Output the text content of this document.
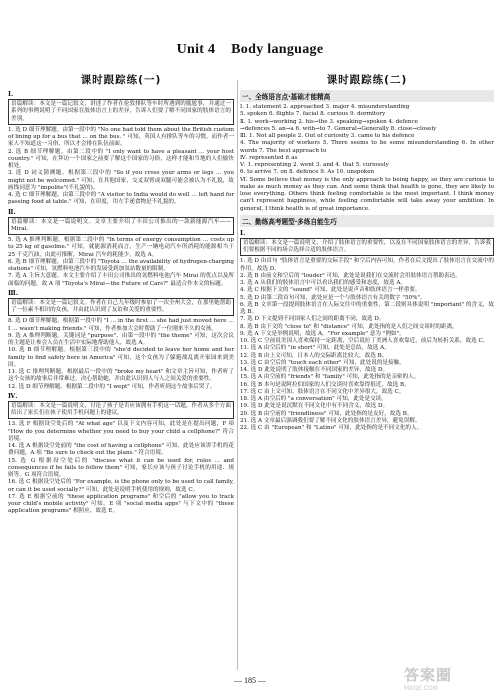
Unit 4 Body language
课时跟踪练(一)
Ⅰ.
语篇解读：本文是一篇记叙文，讲述了作者在伦敦排队等车时所遇到的尴尬事，并通过一系列的事例说明了不同国家在肢体语言上的差异，告诉人们要了解不同国家的肢体语言的差别。
1. 选 D 细节理解题。由第一段中的 "No one had told them about the British custom of lining up for a bus that … on the bus. " 可知，英国人有排队等车的习惯，而作者一家人不知道这一习俗，所以才会排在队伍前面。
2. 选 B 细节理解题。由第二段中的 "I only want to have a pleasant … your host country." 可知，在拜访一个国家之前要了解这个国家的习俗，这样才能和当地的人们愉快相处。
3. 选 D 词义猜测题。根据第三段中的 "So if you cross your arms or legs … you might not be welcomed." 可知，在其他国家，交叉双臂或双腿可能会被认为不礼貌，故画线词意为 "impolite"(不礼貌的)。
4. 选 C 细节理解题。由第三段中的 "A visitor to India would do well … left hand for passing food at table." 可知，在印度，用左手递食物是不礼貌的。
Ⅱ.
语篇解读：本文是一篇说明文。文章主要介绍了丰田公司推出的一款新能源汽车——Mirai。
5. 选 A 推理判断题。根据第二段中的 "In terms of energy consumption … costs up to 25 kg of gasoline." 可知，就能源消耗而言，生产一辆电动汽车所消耗的能源相当于 25 千克汽油，由此可推断，Mirai 汽车的耗能少，故选 A。
6. 选 B 细节理解题。由第三段中的 "Toyota … the availability of hydrogen-charging stations" 可知，氢燃料电池汽车的发展受到加氢站数量的限制。
7. 选 A 主旨大意题。本文主要介绍了丰田公司推出的氢燃料电池汽车 Mirai 的优点以及所面临的问题，故 A 项 "Toyota's Mirai—the Future of Cars?" 最适合作本文的标题。
Ⅲ.
语篇解读：本文是一篇记叙文。作者在自己九年级时参加了一次全州大会，在那里她帮助了一位素不相识的女孩，并由此认识到了友谊和关爱的重要性。
8. 选 D 细节理解题。根据第一段中的 "I … in the first … she had just moved here … I … wasn't making friends." 可知，作者参加大会时帮助了一位刚来不久的女孩。
9. 选 A 推理判断题。关键词是 "purpose"，由第一段中的 "the theme" 可知，这次会议的主题是让参会人员在生活中实际地帮助他人，故选 A。
10. 选 B 细节理解题。根据第三段中的 "she'd decided to leave her home and her family to find safety here in America" 可知，这个女孩为了躲避战乱离开家园来到美国。
11. 选 C 推理判断题。根据最后一段中的 "broke my heart" 和文章主旨可知，作者听了这个女孩的故事后非常难过，决心帮助她，并由此认识到人与人之间关爱的重要性。
12. 选 D 细节理解题。根据第二段中的 "I wept" 可知，作者听到这个故事后哭了。
Ⅳ.
语篇解读：本文是一篇说明文，讨论了孩子是否应该拥有手机这一话题，作者从多个方面给出了家长们在孩子使用手机问题上的建议。
13. 选 F 根据设空处后的 "At what age" 以及下文内容可知，此处是在提出问题，F 项 "How do you determine whether you need to buy your child a cellphone?" 符合语境。
14. 选 A 根据设空处前的 "the cost of having a cellphone" 可知，此处应该讲手机的花费问题，A 项 "Be sure to check out the plans." 符合语境。
15. 选 G 根据设空处后的 "discuss what it can be used for, rules … and consequences if he fails to follow them" 可知，家长应该与孩子讨论手机的用途、规则等，G 项符合语境。
16. 选 C 根据设空处后的 "For example, is the phone only to be used to call family, or can it be used socially?" 可知，此处是说明手机使用的规则，故选 C。
17. 选 E 根据空前的 "these application programs" 和空后的 "allow you to track your child's mobile activity" 可知，E 项 "social media apps" 与下文中的 "these application programs" 相照应，故选 E。
课时跟踪练(二)
一、全练语言点·基础才能精高
Ⅰ. 1. statement 2. approached 3. major 4. misunderstanding
5. spoken 6. flights 7. facial 8. curious 9. dormitory
Ⅱ. 1. work→working 2. his→the 3. speaking→spoken 4. defence
→defences 5. an→a 6. with→to 7. General→Generally 8. close→closely
Ⅲ. 1. Not all people 2. Out of curiosity 3. came to his defence
4. The majority of workers 5. There seems to be some misunderstanding 6. In other words 7. The best approach to
Ⅳ. represented it as
Ⅴ. 1. representing 2. went 3. and 4. that 5. curiously
6. to arrive 7. on 8. defence 9. As 10. unspoken
Ⅵ. Some believe that money is the only approach to being happy, so they are curious to make as much money as they can. And some think that health is gone, they are likely to lose everything. Others think feeling comfortable is the most important. I think money can't represent happiness, while feeling comfortable will take away your ambition. In general, I think health is of great importance.
二、勤练高考题型·多练自能生巧
Ⅰ.
语篇解读：本文是一篇说明文，介绍了肢体语言的重要性，以及在不同国家肢体语言的差异，告诉我们要根据不同的场合选择合适的肢体语言。
1. 选 D 由首句 "肢体语言是重要的交际手段" 和空后内容可知，作者在后文提出了肢体语言在交流中的作用，故选 D。
2. 选 B 由前文和空后的 "louder" 可知，此处是说我们在交流时会用肢体语言帮助表达。
3. 选 A 从我们的肢体语言中可以看出我们的感受和态度，故选 A。
4. 选 C 根据下文的 "sound" 可知，此处是说声音和肢体语言一样重要。
5. 选 D 由第二段首句可知，此处应是一个与肢体语言有关的数字 "50%"。
6. 选 B 文章第一段提到肢体语言在人际交往中的重要性，第二段则具体说明 "important" 的含义，故选 B。
7. 选 D 下文提到不同国家人们之间的距离不同，故选 D。
8. 选 B 由下文的 "close to" 和 "distance" 可知，此处指的是人们之间交谈时的距离。
9. 选 A 下文是举例说明，故选 A，"For example" 意为 "例如"。
10. 选 C 空前说美国人喜欢保持一定距离，空后说拉丁美洲人喜欢靠近，前后为转折关系，故选 C。
11. 选 A 由空后的 "in short" 可知，此处是总结，故选 A。
12. 选 B 由上文可知，日本人的交际距离比较大，故选 B。
13. 选 C 由空后的 "touch each other" 可知，此处说的是接触。
14. 选 D 此处说明了肢体接触在不同国家的差异，故选 D。
15. 选 A 由空前的 "friends" 和 "family" 可知，此处指的是亲密的人。
16. 选 B 本句是说阿拉伯国家的人们交谈时喜欢靠得很近，故选 B。
17. 选 C 由上文可知，肢体语言在不同文化中差异很大，故选 C。
18. 选 A 由空后的 "a conversation" 可知，此处是交谈。
19. 选 D 此处是说沉默在不同文化中有不同含义，故选 D。
20. 选 B 由空前的 "friendliness" 可知，此处指的是友好，故选 B。
21. 选 A 文章最后强调我们要了解不同文化的肢体语言差异，避免误解。
22. 选 C 由 "European" 和 "Latino" 可知，此处指的是不同文化的人。
— 185 —	答案圈
MXQE.COM
